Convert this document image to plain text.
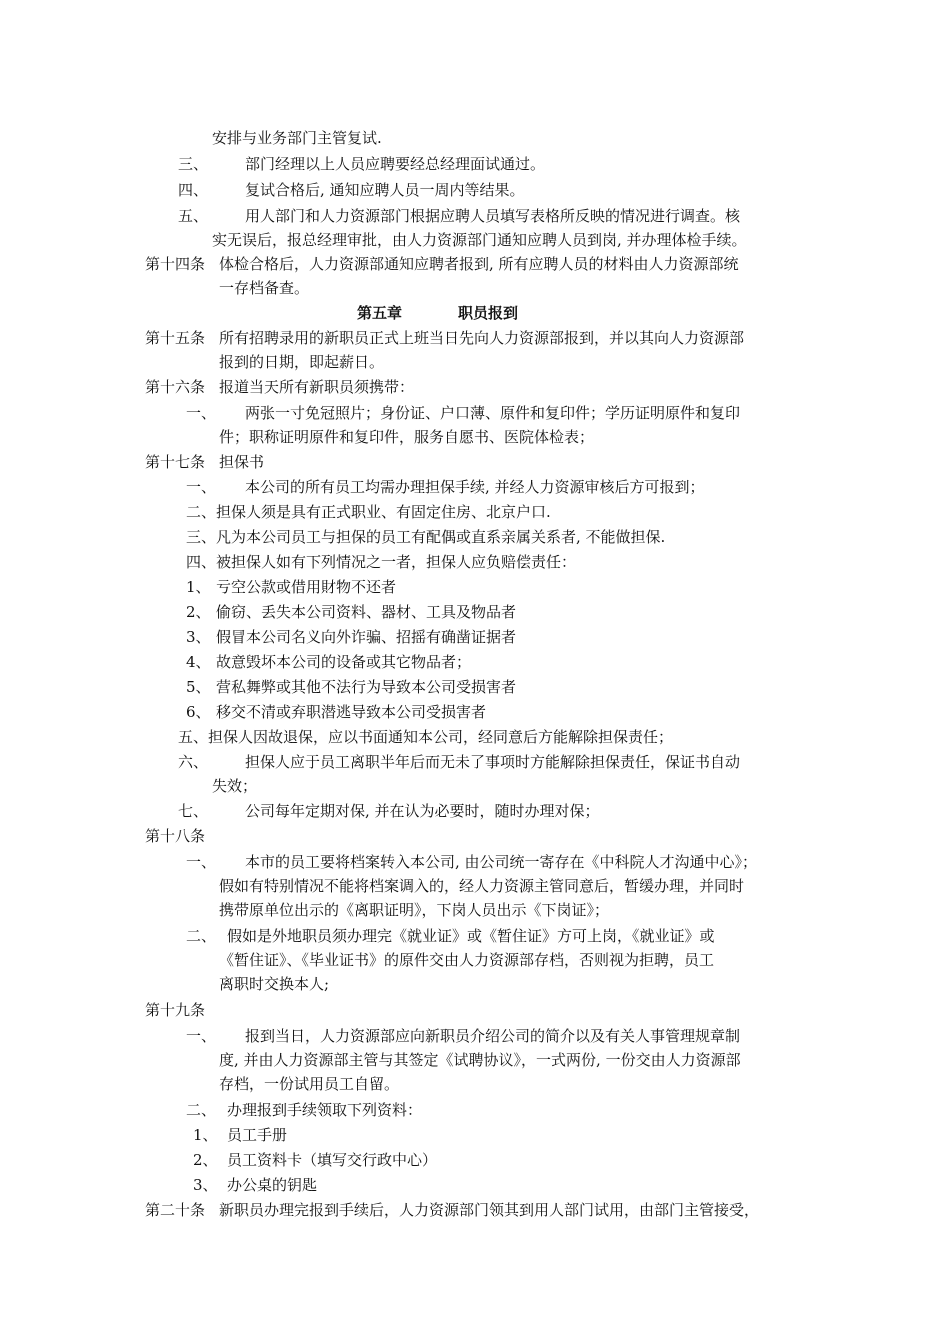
安排与业务部门主管复试.
三、 部门经理以上人员应聘要经总经理面试通过。
四、 复试合格后, 通知应聘人员一周内等结果。
五、 用人部门和人力资源部门根据应聘人员填写表格所反映的情况进行调查。核
实无误后，报总经理审批，由人力资源部门通知应聘人员到岗, 并办理体检手续。
第十四条 体检合格后，人力资源部通知应聘者报到, 所有应聘人员的材料由人力资源部统
一存档备查。
第五章	职员报到
第十五条 所有招聘录用的新职员正式上班当日先向人力资源部报到，并以其向人力资源部
报到的日期，即起薪日。
第十六条 报道当天所有新职员须携带：
一、 两张一寸免冠照片；身份证、户口薄、原件和复印件；学历证明原件和复印
件；职称证明原件和复印件，服务自愿书、医院体检表；
第十七条 担保书
一、 本公司的所有员工均需办理担保手续, 并经人力资源审核后方可报到；
二、担保人须是具有正式职业、有固定住房、北京户口.
三、凡为本公司员工与担保的员工有配偶或直系亲属关系者, 不能做担保.
四、被担保人如有下列情况之一者，担保人应负赔偿责任：
1、 亏空公款或借用財物不还者
2、 偷窃、丢失本公司资料、器材、工具及物品者
3、 假冒本公司名义向外诈骗、招摇有确凿证据者
4、 故意毁坏本公司的设备或其它物品者；
5、 营私舞弊或其他不法行为导致本公司受损害者
6、 移交不清或弃职潜逃导致本公司受损害者
五、担保人因故退保，应以书面通知本公司，经同意后方能解除担保责任；
六、 担保人应于员工离职半年后而无未了事项时方能解除担保责任，保证书自动
失效；
七、 公司每年定期对保, 并在认为必要时，随时办理对保；
第十八条
一、 本市的员工要将档案转入本公司, 由公司统一寄存在《中科院人才沟通中心》；
假如有特别情况不能将档案调入的，经人力资源主管同意后，暂缓办理，并同时
携带原单位出示的《离职证明》，下岗人员出示《下岗证》；
二、 假如是外地职员须办理完《就业证》或《暂住证》方可上岗，《就业证》或
《暂住证》、《毕业证书》的原件交由人力资源部存档，否则视为拒聘，员工
离职时交换本人;
第十九条
一、 报到当日，人力资源部应向新职员介绍公司的简介以及有关人事管理规章制
度, 并由人力资源部主管与其签定《试聘协议》，一式两份, 一份交由人力资源部
存档，一份试用员工自留。
二、 办理报到手续领取下列资料：
1、 员工手册
2、 员工资料卡（填写交行政中心）
3、 办公桌的钥匙
第二十条 新职员办理完报到手续后，人力资源部门领其到用人部门试用，由部门主管接受，
